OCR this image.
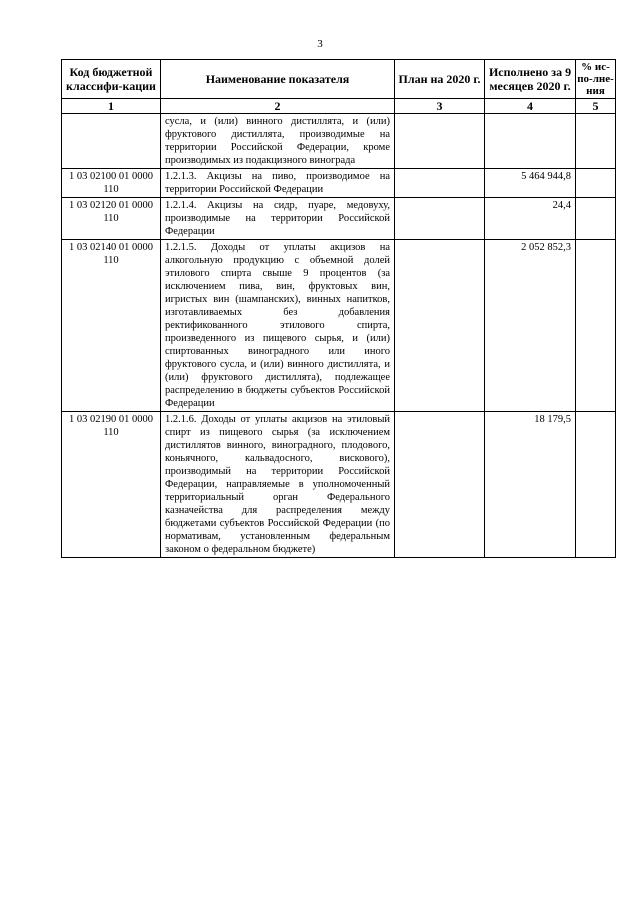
3
Код бюджетной классифи-кации	Наименование показателя	План на 2020 г.	Исполнено за 9 месяцев 2020 г.	% ис-по-лне-ния
1	2	3	4	5
	сусла, и (или) винного дистиллята, и (или) фруктового дистиллята, производимые на территории Российской Федерации, кроме производимых из подакцизного винограда			
1 03 02100 01 0000 110	1.2.1.3. Акцизы на пиво, производимое на территории Российской Федерации		5 464 944,8	
1 03 02120 01 0000 110	1.2.1.4. Акцизы на сидр, пуаре, медовуху, производимые на территории Российской Федерации		24,4	
1 03 02140 01 0000 110	1.2.1.5. Доходы от уплаты акцизов на алкогольную продукцию с объемной долей этилового спирта свыше 9 процентов (за исключением пива, вин, фруктовых вин, игристых вин (шампанских), винных напитков, изготавливаемых без добавления ректификованного этилового спирта, произведенного из пищевого сырья, и (или) спиртованных виноградного или иного фруктового сусла, и (или) винного дистиллята, и (или) фруктового дистиллята), подлежащее распределению в бюджеты субъектов Российской Федерации		2 052 852,3	
1 03 02190 01 0000 110	1.2.1.6. Доходы от уплаты акцизов на этиловый спирт из пищевого сырья (за исключением дистиллятов винного, виноградного, плодового, коньячного, кальвадосного, вискового), производимый на территории Российской Федерации, направляемые в уполномоченный территориальный орган Федерального казначейства для распределения между бюджетами субъектов Российской Федерации (по нормативам, установленным федеральным законом о федеральном бюджете)		18 179,5	
